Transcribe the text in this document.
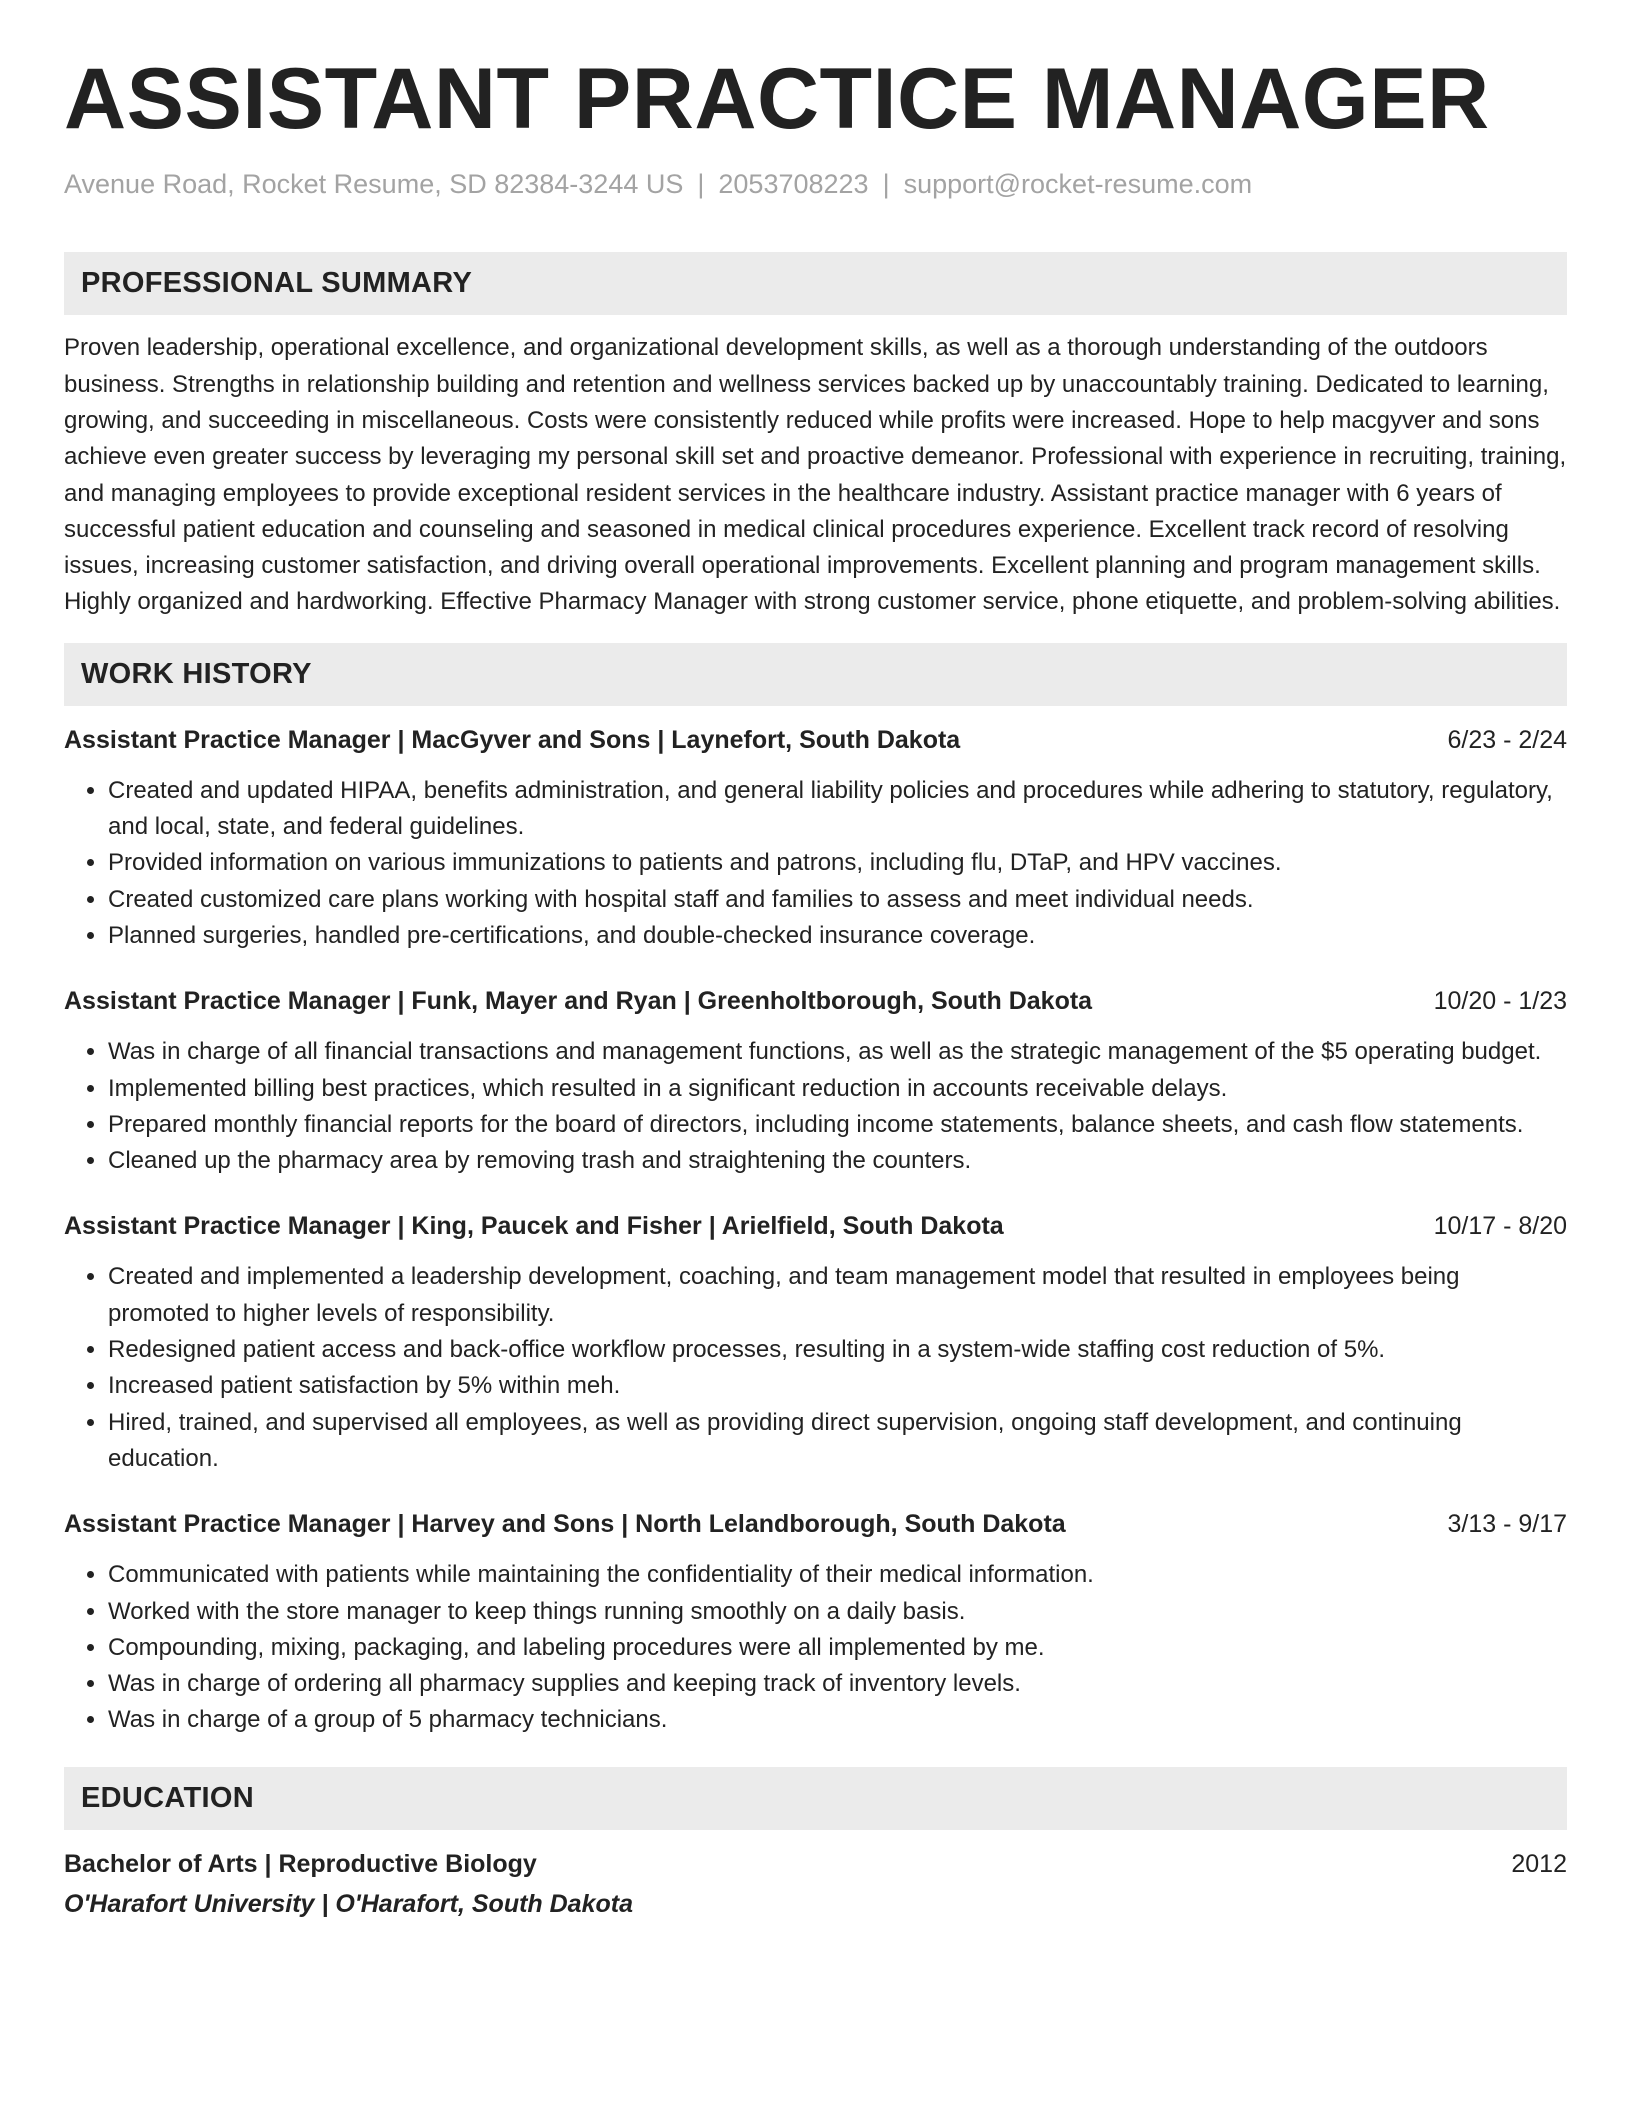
ASSISTANT PRACTICE MANAGER
Avenue Road, Rocket Resume, SD 82384-3244 US | 2053708223 | support@rocket-resume.com
PROFESSIONAL SUMMARY
Proven leadership, operational excellence, and organizational development skills, as well as a thorough understanding of the outdoors business. Strengths in relationship building and retention and wellness services backed up by unaccountably training. Dedicated to learning, growing, and succeeding in miscellaneous. Costs were consistently reduced while profits were increased. Hope to help macgyver and sons achieve even greater success by leveraging my personal skill set and proactive demeanor. Professional with experience in recruiting, training, and managing employees to provide exceptional resident services in the healthcare industry. Assistant practice manager with 6 years of successful patient education and counseling and seasoned in medical clinical procedures experience. Excellent track record of resolving issues, increasing customer satisfaction, and driving overall operational improvements. Excellent planning and program management skills. Highly organized and hardworking. Effective Pharmacy Manager with strong customer service, phone etiquette, and problem-solving abilities.
WORK HISTORY
Assistant Practice Manager | MacGyver and Sons | Laynefort, South Dakota	6/23 - 2/24
• Created and updated HIPAA, benefits administration, and general liability policies and procedures while adhering to statutory, regulatory, and local, state, and federal guidelines.
• Provided information on various immunizations to patients and patrons, including flu, DTaP, and HPV vaccines.
• Created customized care plans working with hospital staff and families to assess and meet individual needs.
• Planned surgeries, handled pre-certifications, and double-checked insurance coverage.
Assistant Practice Manager | Funk, Mayer and Ryan | Greenholtborough, South Dakota	10/20 - 1/23
• Was in charge of all financial transactions and management functions, as well as the strategic management of the $5 operating budget.
• Implemented billing best practices, which resulted in a significant reduction in accounts receivable delays.
• Prepared monthly financial reports for the board of directors, including income statements, balance sheets, and cash flow statements.
• Cleaned up the pharmacy area by removing trash and straightening the counters.
Assistant Practice Manager | King, Paucek and Fisher | Arielfield, South Dakota	10/17 - 8/20
• Created and implemented a leadership development, coaching, and team management model that resulted in employees being promoted to higher levels of responsibility.
• Redesigned patient access and back-office workflow processes, resulting in a system-wide staffing cost reduction of 5%.
• Increased patient satisfaction by 5% within meh.
• Hired, trained, and supervised all employees, as well as providing direct supervision, ongoing staff development, and continuing education.
Assistant Practice Manager | Harvey and Sons | North Lelandborough, South Dakota	3/13 - 9/17
• Communicated with patients while maintaining the confidentiality of their medical information.
• Worked with the store manager to keep things running smoothly on a daily basis.
• Compounding, mixing, packaging, and labeling procedures were all implemented by me.
• Was in charge of ordering all pharmacy supplies and keeping track of inventory levels.
• Was in charge of a group of 5 pharmacy technicians.
EDUCATION
Bachelor of Arts | Reproductive Biology	2012
O'Harafort University | O'Harafort, South Dakota
